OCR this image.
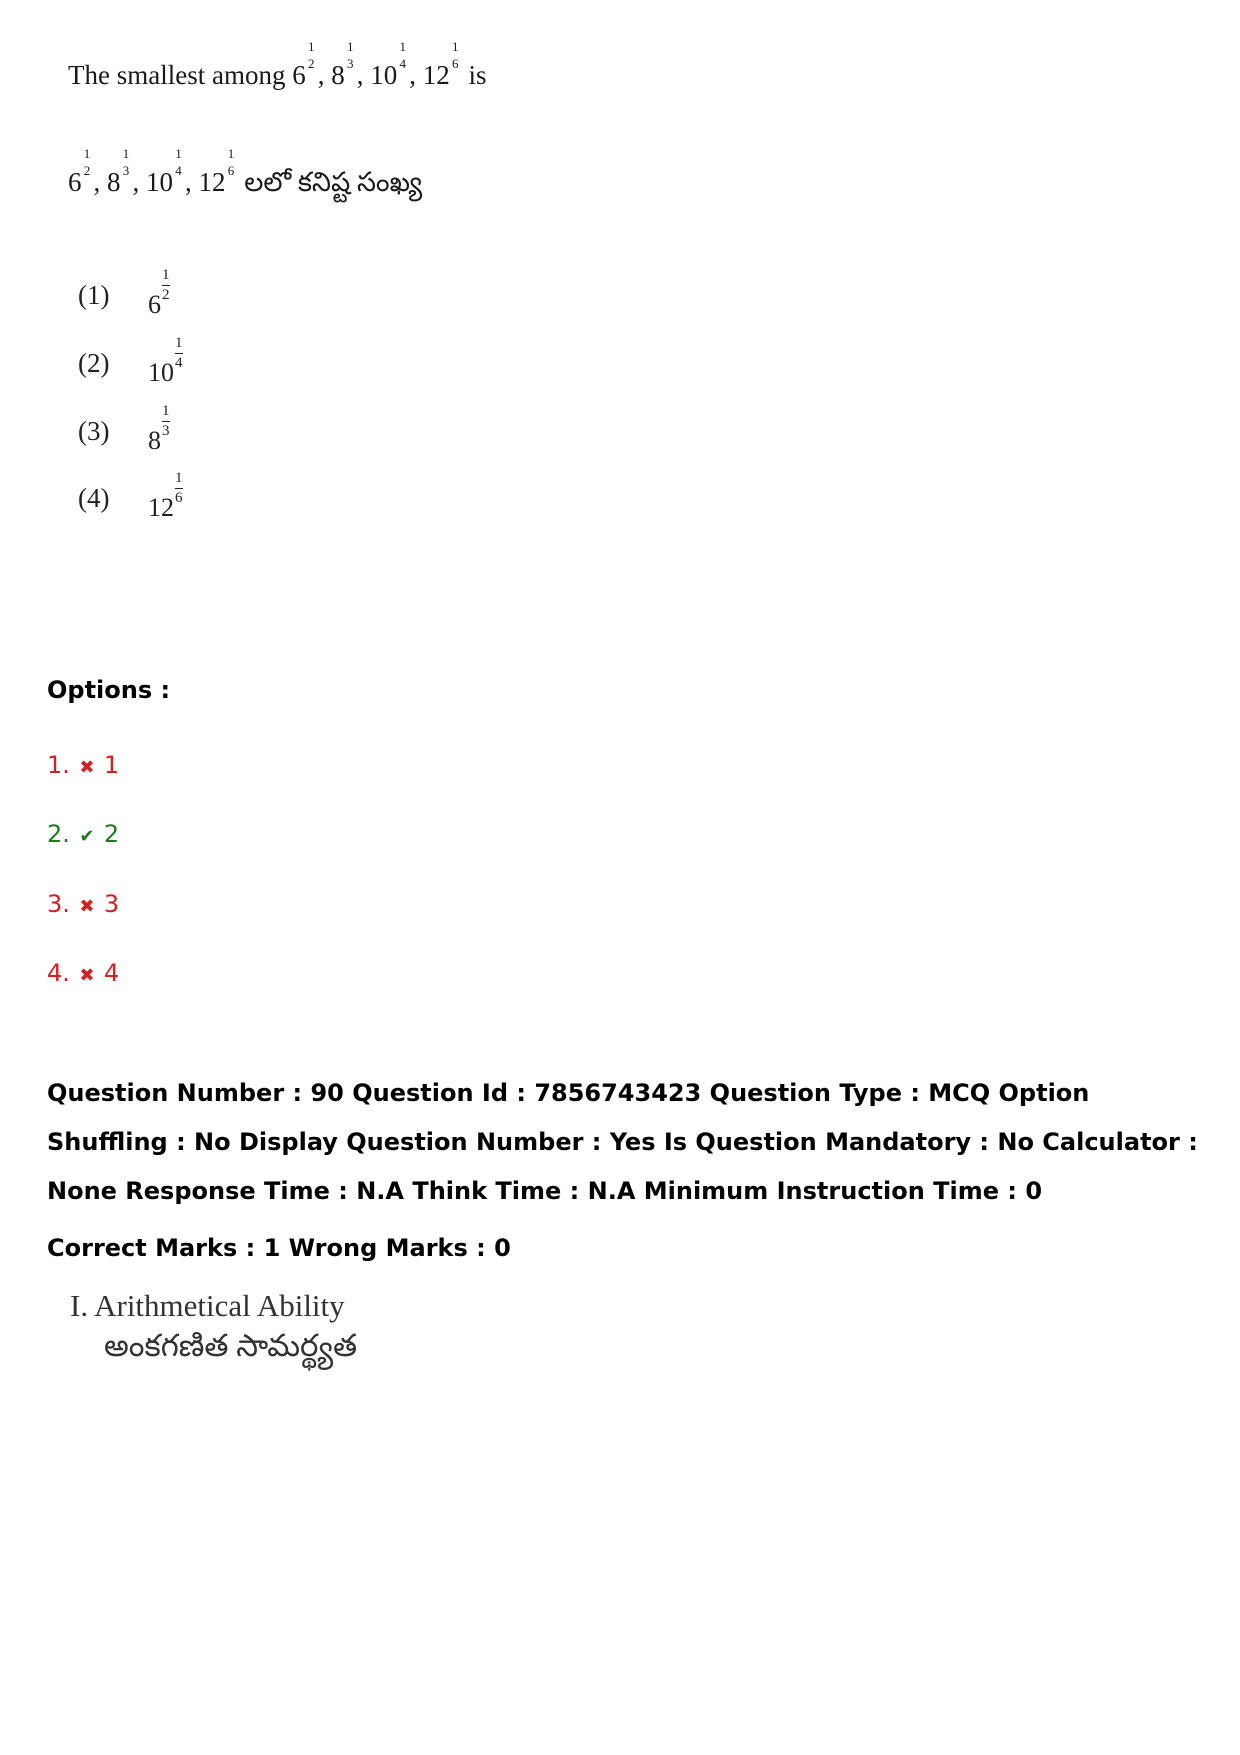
The smallest among 6
1
2 , 8
1
3 , 10
1
4 , 12
1
6 is
6
1
2 , 8
1
3 , 10
1
4 , 12
1
6 లలో కనిష్ట సంఖ్య
(1) 6
1
2
(2) 10
1
4
(3) 8
1
3
(4) 12
1
6
Options :
1. ✖ 1
2. ✔ 2
3. ✖ 3
4. ✖ 4
Question Number : 90 Question Id : 7856743423 Question Type : MCQ Option Shuffling : No Display Question Number : Yes Is Question Mandatory : No Calculator : None Response Time : N.A Think Time : N.A Minimum Instruction Time : 0
Correct Marks : 1 Wrong Marks : 0
I. Arithmetical Ability
అంకగణిత సామర్థ్యత
